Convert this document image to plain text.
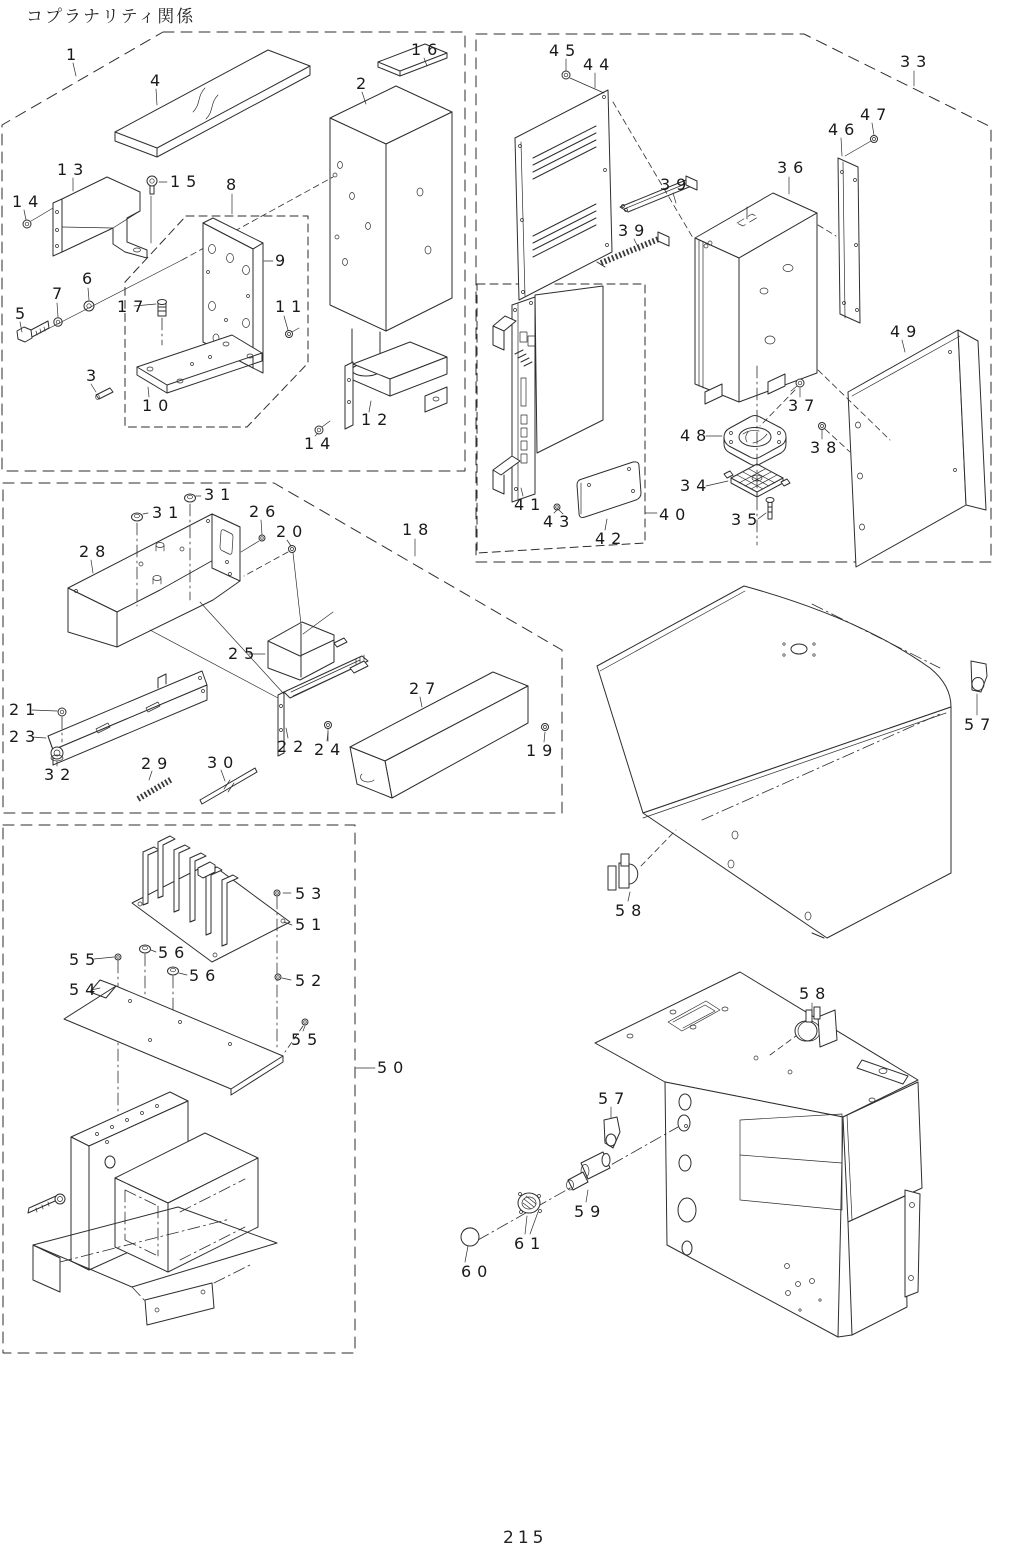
コプラナリティ関係
215
1
4
16
2
13
14
15 8
9
6
7
17
5	11
3
10
12
14
45
44	33
47
46
36
39
39
48
34
35
37
38
49
41
43
42
40
31
31	26
20	18
28
25
27
21
23
32
29 30
22 24	19
53
51
55	56
56
54	52
55
50
57
58
58
57
59
61
60
